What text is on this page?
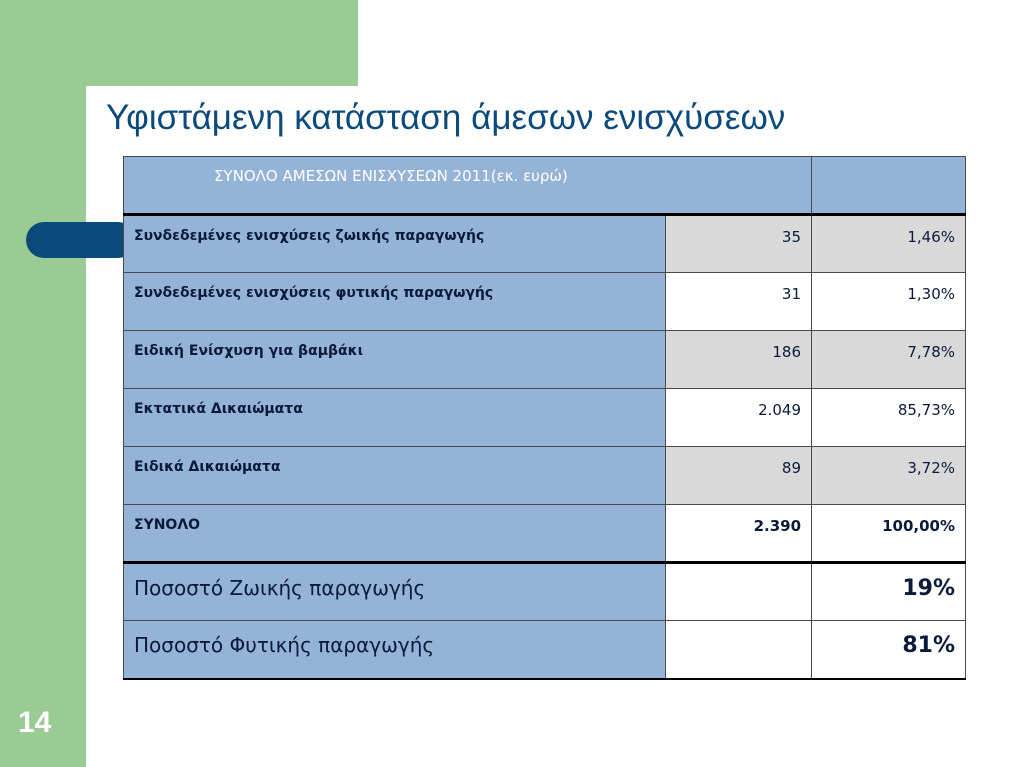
Υφιστάμενη κατάσταση άμεσων ενισχύσεων
ΣΥΝΟΛΟ ΑΜΕΣΩΝ ΕΝΙΣΧΥΣΕΩΝ 2011(εκ. ευρώ)		
Συνδεδεμένες ενισχύσεις ζωικής παραγωγής	35	1,46%
Συνδεδεμένες ενισχύσεις φυτικής παραγωγής	31	1,30%
Ειδική Ενίσχυση για βαμβάκι	186	7,78%
Εκτατικά Δικαιώματα	2.049	85,73%
Ειδικά Δικαιώματα	89	3,72%
ΣΥΝΟΛΟ	2.390	100,00%
Ποσοστό Ζωικής παραγωγής		19%
Ποσοστό Φυτικής παραγωγής		81%
14
